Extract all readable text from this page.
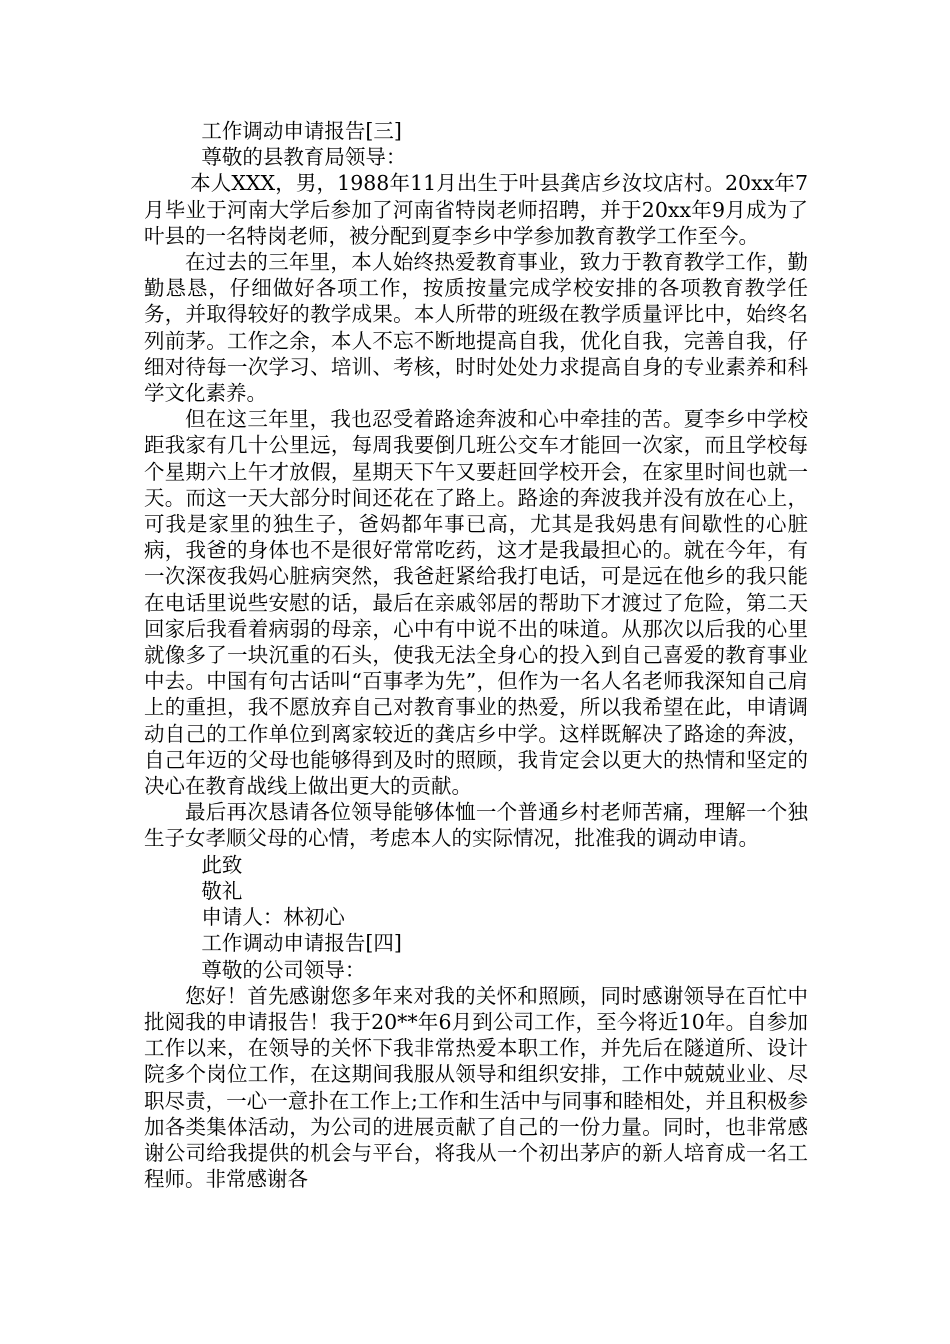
工作调动申请报告[三]

尊敬的县教育局领导：

本人XXX，男，1988年11月出生于叶县龚店乡汝坟店村。20xx年7月毕业于河南大学后参加了河南省特岗老师招聘，并于20xx年9月成为了叶县的一名特岗老师，被分配到夏李乡中学参加教育教学工作至今。

在过去的三年里，本人始终热爱教育事业，致力于教育教学工作，勤勤恳恳，仔细做好各项工作，按质按量完成学校安排的各项教育教学任务，并取得较好的教学成果。本人所带的班级在教学质量评比中，始终名列前茅。工作之余，本人不忘不断地提高自我，优化自我，完善自我，仔细对待每一次学习、培训、考核，时时处处力求提高自身的专业素养和科学文化素养。

但在这三年里，我也忍受着路途奔波和心中牵挂的苦。夏李乡中学校距我家有几十公里远，每周我要倒几班公交车才能回一次家，而且学校每个星期六上午才放假，星期天下午又要赶回学校开会，在家里时间也就一天。而这一天大部分时间还花在了路上。路途的奔波我并没有放在心上，可我是家里的独生子，爸妈都年事已高，尤其是我妈患有间歇性的心脏病，我爸的身体也不是很好常常吃药，这才是我最担心的。就在今年，有一次深夜我妈心脏病突然，我爸赶紧给我打电话，可是远在他乡的我只能在电话里说些安慰的话，最后在亲戚邻居的帮助下才渡过了危险，第二天回家后我看着病弱的母亲，心中有中说不出的味道。从那次以后我的心里就像多了一块沉重的石头，使我无法全身心的投入到自己喜爱的教育事业中去。中国有句古话叫“百事孝为先”，但作为一名人名老师我深知自己肩上的重担，我不愿放弃自己对教育事业的热爱，所以我希望在此，申请调动自己的工作单位到离家较近的龚店乡中学。这样既解决了路途的奔波，自己年迈的父母也能够得到及时的照顾，我肯定会以更大的热情和坚定的决心在教育战线上做出更大的贡献。

最后再次恳请各位领导能够体恤一个普通乡村老师苦痛，理解一个独生子女孝顺父母的心情，考虑本人的实际情况，批准我的调动申请。

此致

敬礼

申请人：林初心

工作调动申请报告[四]

尊敬的公司领导：

您好！首先感谢您多年来对我的关怀和照顾，同时感谢领导在百忙中批阅我的申请报告！我于20**年6月到公司工作，至今将近10年。自参加工作以来，在领导的关怀下我非常热爱本职工作，并先后在隧道所、设计院多个岗位工作，在这期间我服从领导和组织安排，工作中兢兢业业、尽职尽责，一心一意扑在工作上;工作和生活中与同事和睦相处，并且积极参加各类集体活动，为公司的进展贡献了自己的一份力量。同时，也非常感谢公司给我提供的机会与平台，将我从一个初出茅庐的新人培育成一名工程师。非常感谢各
